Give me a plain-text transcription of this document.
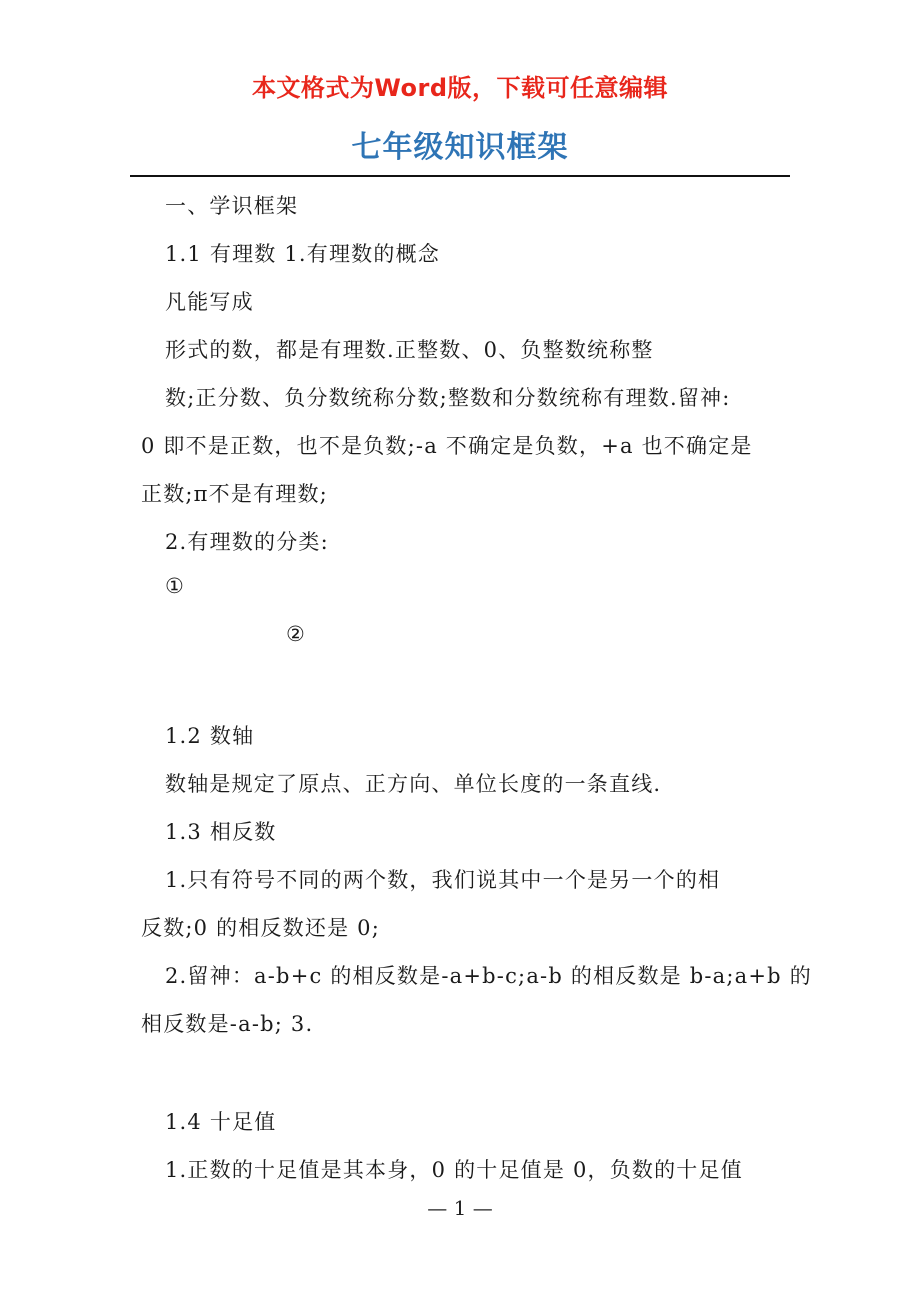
本文格式为Word版，下载可任意编辑
七年级知识框架
一、学识框架
1.1 有理数 1.有理数的概念
凡能写成
形式的数，都是有理数.正整数、0、负整数统称整
数;正分数、负分数统称分数;整数和分数统称有理数.留神:
0 即不是正数，也不是负数;-a 不确定是负数，+a 也不确定是
正数;π不是有理数;
2.有理数的分类:
①
②
1.2 数轴
数轴是规定了原点、正方向、单位长度的一条直线.
1.3 相反数
1.只有符号不同的两个数，我们说其中一个是另一个的相
反数;0 的相反数还是 0;
2.留神：a-b+c 的相反数是-a+b-c;a-b 的相反数是 b-a;a+b 的
相反数是-a-b; 3.
1.4 十足值
1.正数的十足值是其本身，0 的十足值是 0，负数的十足值
— 1 —
